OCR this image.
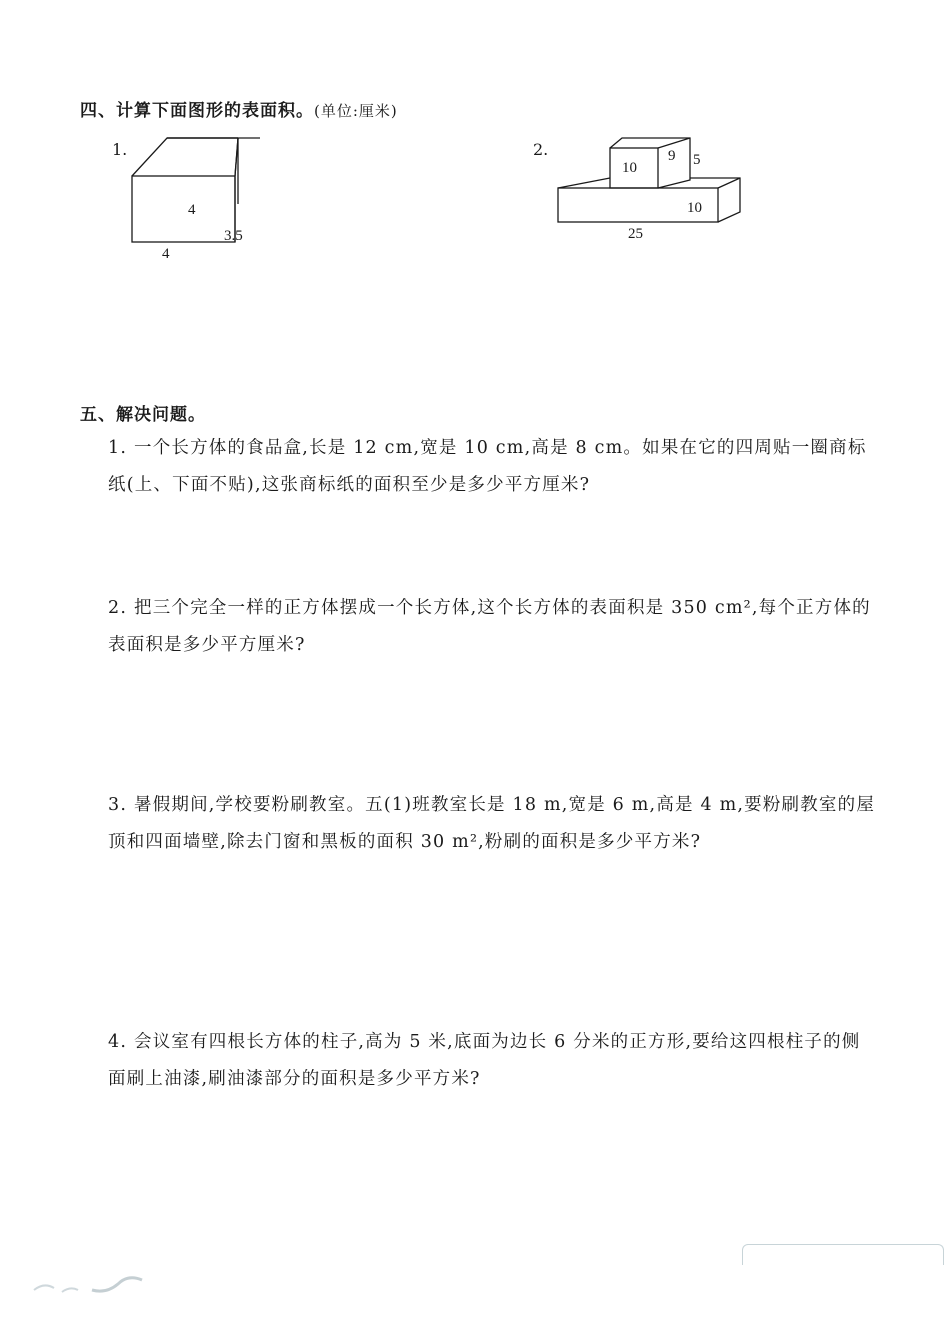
四、计算下面图形的表面积。(单位:厘米)
1.
4
4
3.5
2.
10
9 5
10
25
五、解决问题。
1. 一个长方体的食品盒,长是 12 cm,宽是 10 cm,高是 8 cm。如果在它的四周贴一圈商标纸(上、下面不贴),这张商标纸的面积至少是多少平方厘米?
2. 把三个完全一样的正方体摆成一个长方体,这个长方体的表面积是 350 cm²,每个正方体的表面积是多少平方厘米?
3. 暑假期间,学校要粉刷教室。五(1)班教室长是 18 m,宽是 6 m,高是 4 m,要粉刷教室的屋顶和四面墙壁,除去门窗和黑板的面积 30 m²,粉刷的面积是多少平方米?
4. 会议室有四根长方体的柱子,高为 5 米,底面为边长 6 分米的正方形,要给这四根柱子的侧面刷上油漆,刷油漆部分的面积是多少平方米?
